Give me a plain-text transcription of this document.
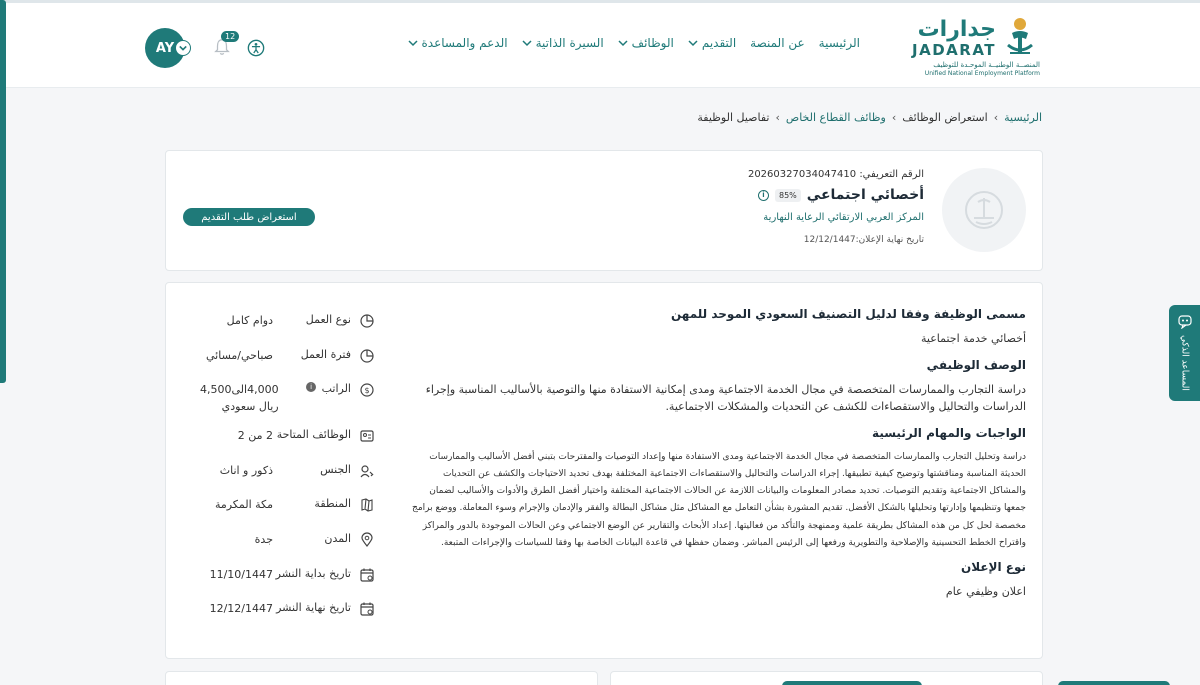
جدارات
JADARAT
المنصــة الوطنيــة الموحـدة للتوظيف
Unified National Employment Platform
الرئيسية
عن المنصة
التقديم
الوظائف
السيرة الذاتية
الدعم والمساعدة
AY
12
الرئيسية
›
استعراض الوظائف
›
وظائف القطاع الخاص
›
تفاصيل الوظيفة
الرقم التعريفي: 20260327034047410
أخصائي اجتماعي
85%
i
المركز العربي الارتقائي الرعاية النهارية
تاريخ نهاية الإعلان:12/12/1447
استعراض طلب التقديم
مسمى الوظيفة وفقا لدليل التصنيف السعودي الموحد للمهن

أخصائي خدمة اجتماعية

الوصف الوظيفي

دراسة التجارب والممارسات المتخصصة في مجال الخدمة الاجتماعية ومدى إمكانية الاستفادة منها والتوصية بالأساليب المناسبة وإجراء الدراسات والتحاليل والاستقصاءات للكشف عن التحديات والمشكلات الاجتماعية.

الواجبات والمهام الرئيسية

دراسة وتحليل التجارب والممارسات المتخصصة في مجال الخدمة الاجتماعية ومدى الاستفادة منها وإعداد التوصيات والمقترحات بتبني أفضل الأساليب والممارسات الحديثة المناسبة ومناقشتها وتوضيح كيفية تطبيقها. إجراء الدراسات والتحاليل والاستقصاءات الاجتماعية المختلفة بهدف تحديد الاحتياجات والكشف عن التحديات والمشاكل الاجتماعية وتقديم التوصيات. تحديد مصادر المعلومات والبيانات اللازمة عن الحالات الاجتماعية المختلفة واختيار أفضل الطرق والأدوات والأساليب لضمان جمعها وتنظيمها وإدارتها وتحليلها بالشكل الأفضل. تقديم المشورة بشأن التعامل مع المشاكل مثل مشاكل البطالة والفقر والإدمان والإجرام وسوء المعاملة. ووضع برامج مخصصة لحل كل من هذه المشاكل بطريقة علمية وممنهجة والتأكد من فعاليتها. إعداد الأبحاث والتقارير عن الوضع الاجتماعي وعن الحالات الموجودة بالدور والمراكز واقتراح الخطط التحسينية والإصلاحية والتطويرية ورفعها إلى الرئيس المباشر. وضمان حفظها في قاعدة البيانات الخاصة بها وفقا للسياسات والإجراءات المتبعة.

نوع الإعلان

اعلان وظيفي عام

نوع العمل
دوام كامل
فترة العمل
صباحي/مسائي
$
الراتب i
4,000الى4,500 ريال سعودي
الوظائف المتاحة
2 من 2
الجنس
ذكور و اناث
المنطقة
مكة المكرمة
المدن
جدة
تاريخ بداية النشر
11/10/1447
تاريخ نهاية النشر
12/12/1447
المساعد الذكي
